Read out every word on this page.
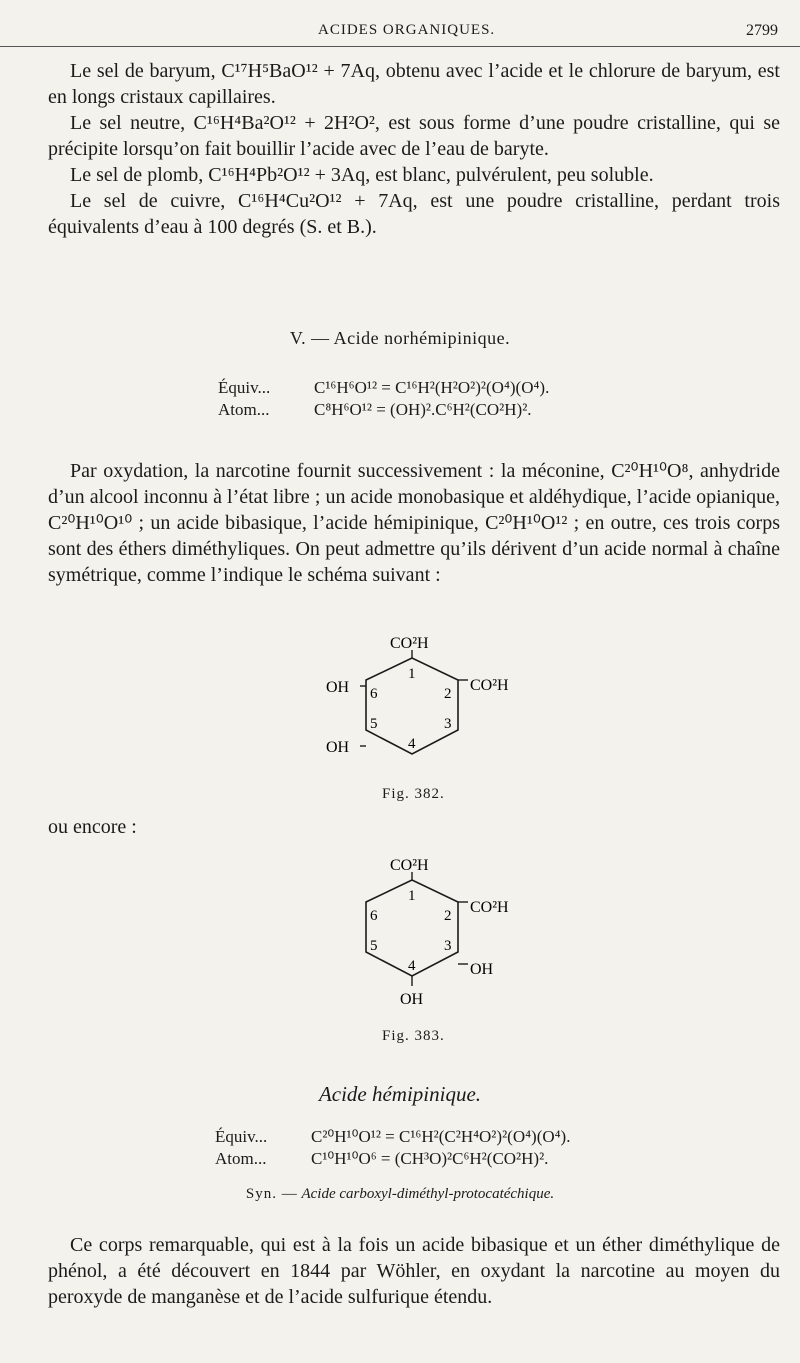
ACIDES ORGANIQUES.	2799

Le sel de baryum, C¹⁷H⁵BaO¹² + 7Aq, obtenu avec l’acide et le chlorure de baryum, est en longs cristaux capillaires.

Le sel neutre, C¹⁶H⁴Ba²O¹² + 2H²O², est sous forme d’une poudre cristalline, qui se précipite lorsqu’on fait bouillir l’acide avec de l’eau de baryte.

Le sel de plomb, C¹⁶H⁴Pb²O¹² + 3Aq, est blanc, pulvérulent, peu soluble.

Le sel de cuivre, C¹⁶H⁴Cu²O¹² + 7Aq, est une poudre cristalline, perdant trois équivalents d’eau à 100 degrés (S. et B.).

V. — Acide norhémipinique.
Équiv...	C¹⁶H⁶O¹² = C¹⁶H²(H²O²)²(O⁴)(O⁴).
Atom...	C⁸H⁶O¹² = (OH)².C⁶H²(CO²H)².

Par oxydation, la narcotine fournit successivement : la méconine, C²⁰H¹⁰O⁸, anhydride d’un alcool inconnu à l’état libre ; un acide monobasique et aldéhydique, l’acide opianique, C²⁰H¹⁰O¹⁰ ; un acide bibasique, l’acide hémipinique, C²⁰H¹⁰O¹² ; en outre, ces trois corps sont des éthers diméthyliques. On peut admettre qu’ils dérivent d’un acide normal à chaîne symétrique, comme l’indique le schéma suivant :

CO²H
CO²H
OH
OH
1
2
3
4
5
6
Fig. 382.
ou encore :
CO²H
CO²H
OH
OH
1
2
3
4
5
6
Fig. 383.
Acide hémipinique.
Équiv...	C²⁰H¹⁰O¹² = C¹⁶H²(C²H⁴O²)²(O⁴)(O⁴).
Atom...	C¹⁰H¹⁰O⁶ = (CH³O)²C⁶H²(CO²H)².
Syn. — Acide carboxyl-diméthyl-protocatéchique.

Ce corps remarquable, qui est à la fois un acide bibasique et un éther diméthylique de phénol, a été découvert en 1844 par Wöhler, en oxydant la narcotine au moyen du peroxyde de manganèse et de l’acide sulfurique étendu.
